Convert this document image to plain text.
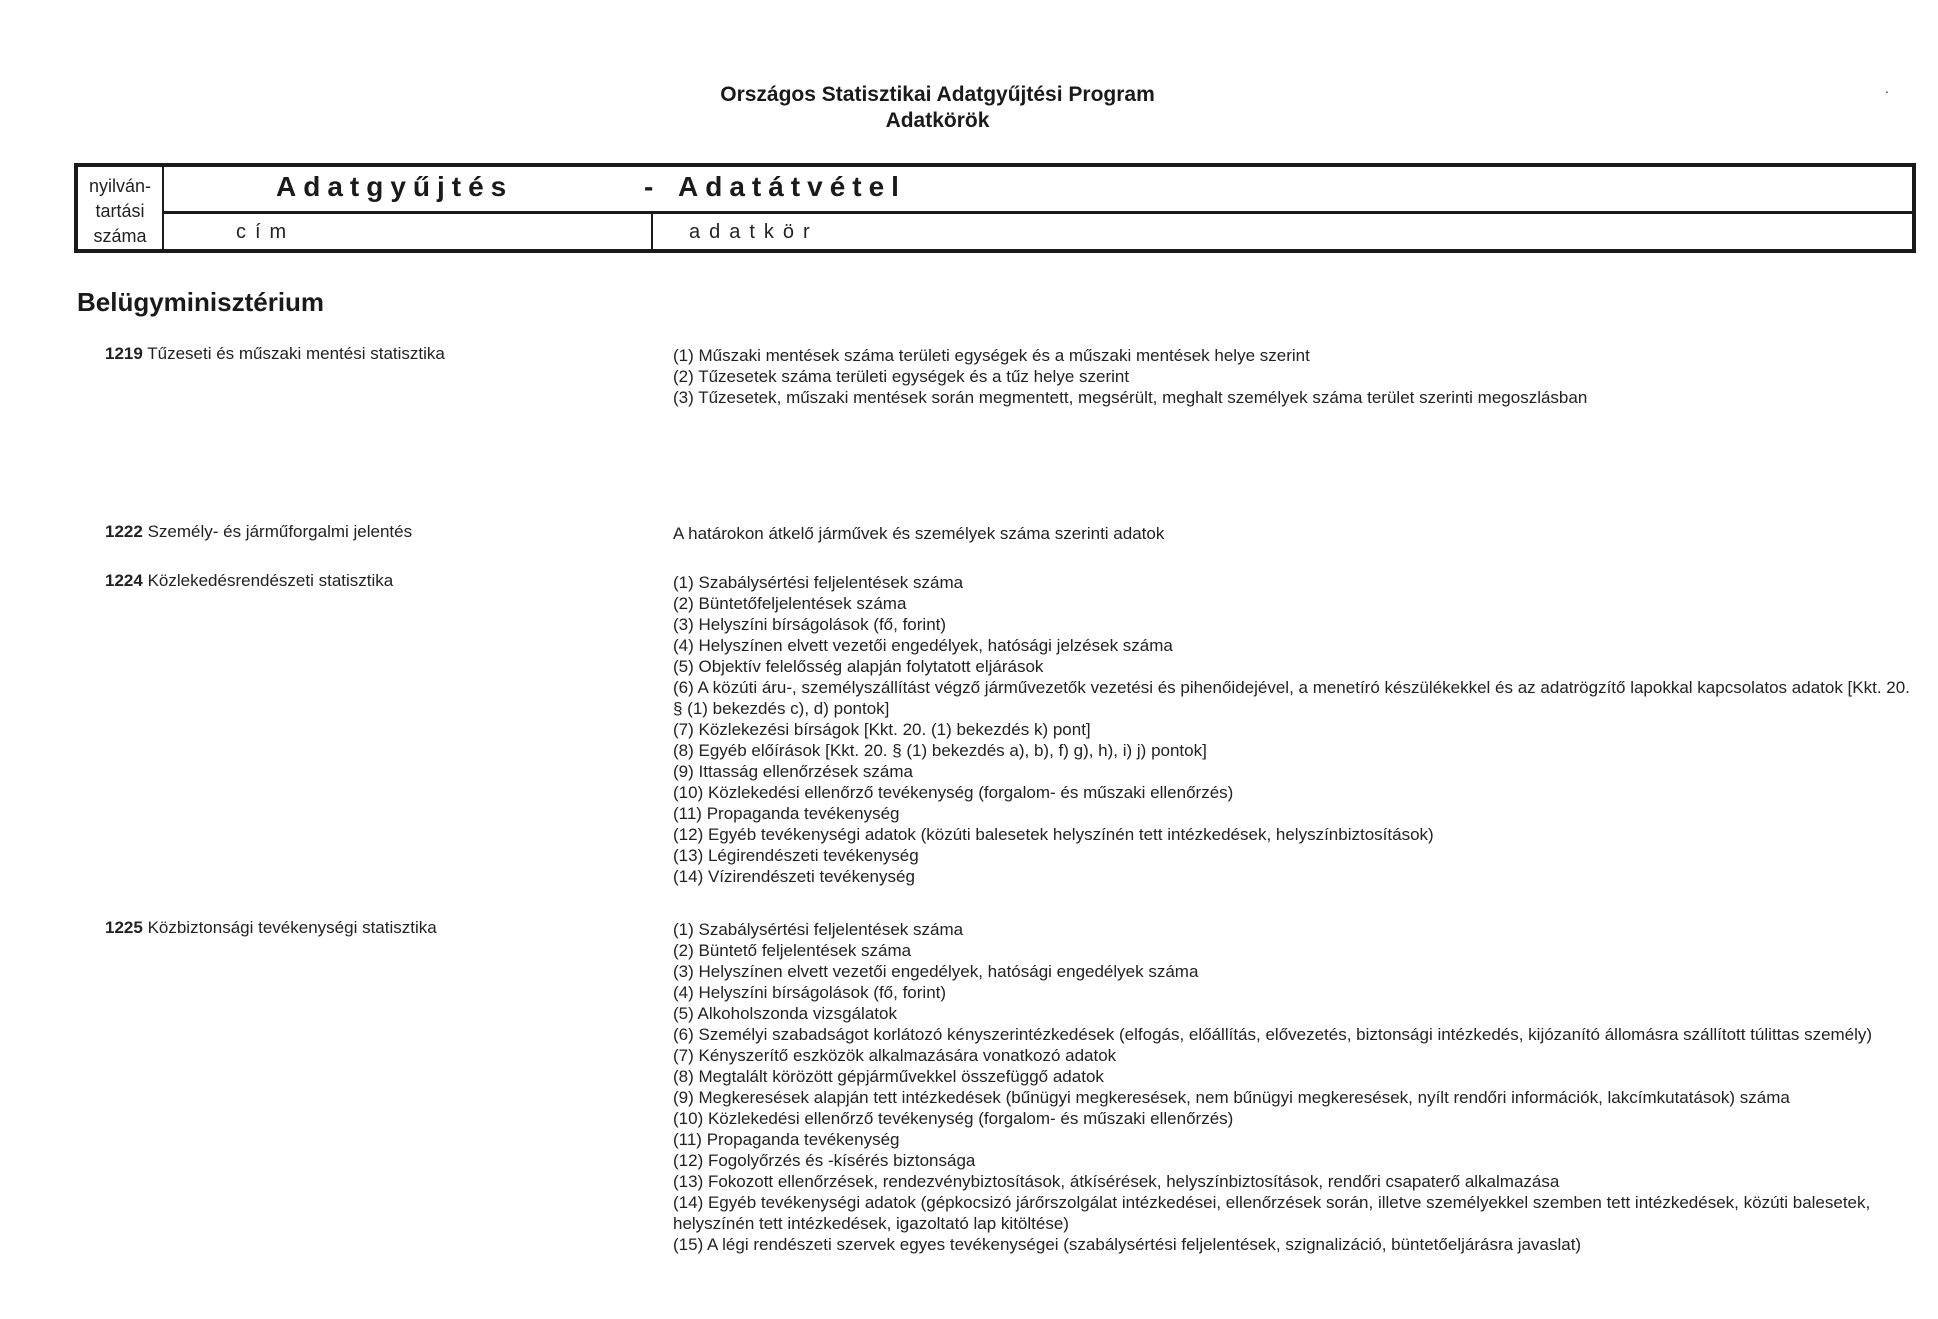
Országos Statisztikai Adatgyűjtési Program
Adatkörök
.
nyilván-
tartási
száma
Adatgyűjtés	- Adatátvétel
cím	adatkör
Belügyminisztérium
1219 Tűzeseti és műszaki mentési statisztika	(1) Műszaki mentések száma területi egységek és a műszaki mentések helye szerint
(2) Tűzesetek száma területi egységek és a tűz helye szerint
(3) Tűzesetek, műszaki mentések során megmentett, megsérült, meghalt személyek száma terület szerinti megoszlásban
1222 Személy- és járműforgalmi jelentés	A határokon átkelő járművek és személyek száma szerinti adatok
1224 Közlekedésrendészeti statisztika	(1) Szabálysértési feljelentések száma
(2) Büntetőfeljelentések száma
(3) Helyszíni bírságolások (fő, forint)
(4) Helyszínen elvett vezetői engedélyek, hatósági jelzések száma
(5) Objektív felelősség alapján folytatott eljárások
(6) A közúti áru-, személyszállítást végző járművezetők vezetési és pihenőidejével, a menetíró készülékekkel és az adatrögzítő lapokkal kapcsolatos adatok [Kkt. 20. § (1) bekezdés c), d) pontok]
(7) Közlekezési bírságok [Kkt. 20. (1) bekezdés k) pont]
(8) Egyéb előírások [Kkt. 20. § (1) bekezdés a), b), f) g), h), i) j) pontok]
(9) Ittasság ellenőrzések száma
(10) Közlekedési ellenőrző tevékenység (forgalom- és műszaki ellenőrzés)
(11) Propaganda tevékenység
(12) Egyéb tevékenységi adatok (közúti balesetek helyszínén tett intézkedések, helyszínbiztosítások)
(13) Légirendészeti tevékenység
(14) Vízirendészeti tevékenység
1225 Közbiztonsági tevékenységi statisztika	(1) Szabálysértési feljelentések száma
(2) Büntető feljelentések száma
(3) Helyszínen elvett vezetői engedélyek, hatósági engedélyek száma
(4) Helyszíni bírságolások (fő, forint)
(5) Alkoholszonda vizsgálatok
(6) Személyi szabadságot korlátozó kényszerintézkedések (elfogás, előállítás, elővezetés, biztonsági intézkedés, kijózanító állomásra szállított túlittas személy)
(7) Kényszerítő eszközök alkalmazására vonatkozó adatok
(8) Megtalált körözött gépjárművekkel összefüggő adatok
(9) Megkeresések alapján tett intézkedések (bűnügyi megkeresések, nem bűnügyi megkeresések, nyílt rendőri információk, lakcímkutatások) száma
(10) Közlekedési ellenőrző tevékenység (forgalom- és műszaki ellenőrzés)
(11) Propaganda tevékenység
(12) Fogolyőrzés és -kísérés biztonsága
(13) Fokozott ellenőrzések, rendezvénybiztosítások, átkísérések, helyszínbiztosítások, rendőri csapaterő alkalmazása
(14) Egyéb tevékenységi adatok (gépkocsizó járőrszolgálat intézkedései, ellenőrzések során, illetve személyekkel szemben tett intézkedések, közúti balesetek, helyszínén tett intézkedések, igazoltató lap kitöltése)
(15) A légi rendészeti szervek egyes tevékenységei (szabálysértési feljelentések, szignalizáció, büntetőeljárásra javaslat)
